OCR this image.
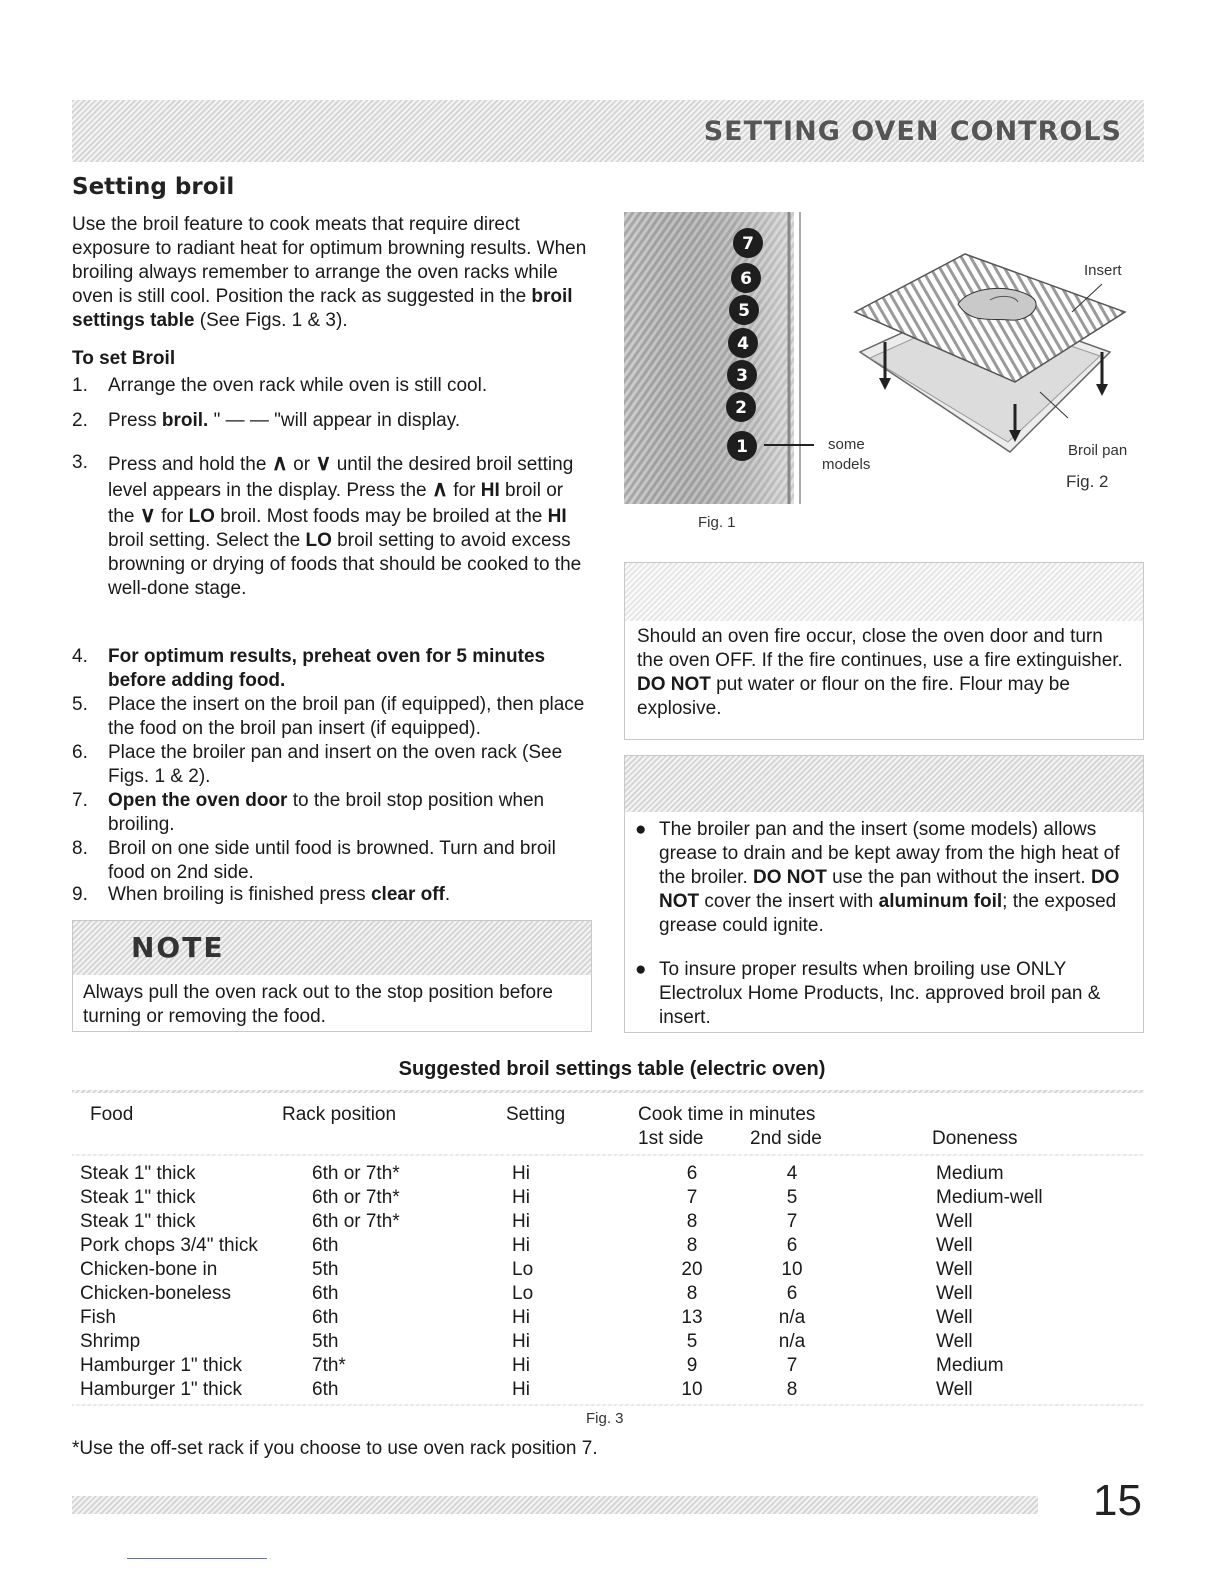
SETTING OVEN CONTROLS
Setting broil
Use the broil feature to cook meats that require direct exposure to radiant heat for optimum browning results. When broiling always remember to arrange the oven racks while oven is still cool. Position the rack as suggested in the broil settings table (See Figs. 1 & 3).
To set Broil
1. Arrange the oven rack while oven is still cool.
2. Press broil. " — — "will appear in display.
3. Press and hold the ∧ or ∨ until the desired broil setting level appears in the display. Press the ∧ for HI broil or the ∨ for LO broil. Most foods may be broiled at the HI broil setting. Select the LO broil setting to avoid excess browning or drying of foods that should be cooked to the well-done stage.
4. For optimum results, preheat oven for 5 minutes before adding food.
5. Place the insert on the broil pan (if equipped), then place the food on the broil pan insert (if equipped).
6. Place the broiler pan and insert on the oven rack (See Figs. 1 & 2).
7. Open the oven door to the broil stop position when broiling.
8. Broil on one side until food is browned. Turn and broil food on 2nd side.
9. When broiling is finished press clear off.
NOTE
Always pull the oven rack out to the stop position before turning or removing the food.
7
6
5
4
3
2
1	some
models
Fig. 1
Insert
Broil pan
Fig. 2
Should an oven fire occur, close the oven door and turn the oven OFF. If the fire continues, use a fire extinguisher. DO NOT put water or flour on the fire. Flour may be explosive.
● The broiler pan and the insert (some models) allows grease to drain and be kept away from the high heat of the broiler. DO NOT use the pan without the insert. DO NOT cover the insert with aluminum foil; the exposed grease could ignite.
● To insure proper results when broiling use ONLY Electrolux Home Products, Inc. approved broil pan & insert.
Suggested broil settings table (electric oven)
Food	Rack position	Setting	Cook time in minutes
1st side 2nd side	Doneness
Steak 1" thick	6th or 7th*	Hi	6	4	Medium
Steak 1" thick	6th or 7th*	Hi	7	5	Medium-well
Steak 1" thick	6th or 7th*	Hi	8	7	Well
Pork chops 3/4" thick	6th	Hi	8	6	Well
Chicken-bone in	5th	Lo	20	10	Well
Chicken-boneless	6th	Lo	8	6	Well
Fish	6th	Hi	13	n/a	Well
Shrimp	5th	Hi	5	n/a	Well
Hamburger 1" thick	7th*	Hi	9	7	Medium
Hamburger 1" thick	6th	Hi	10	8	Well
Fig. 3
*Use the off-set rack if you choose to use oven rack position 7.
15
